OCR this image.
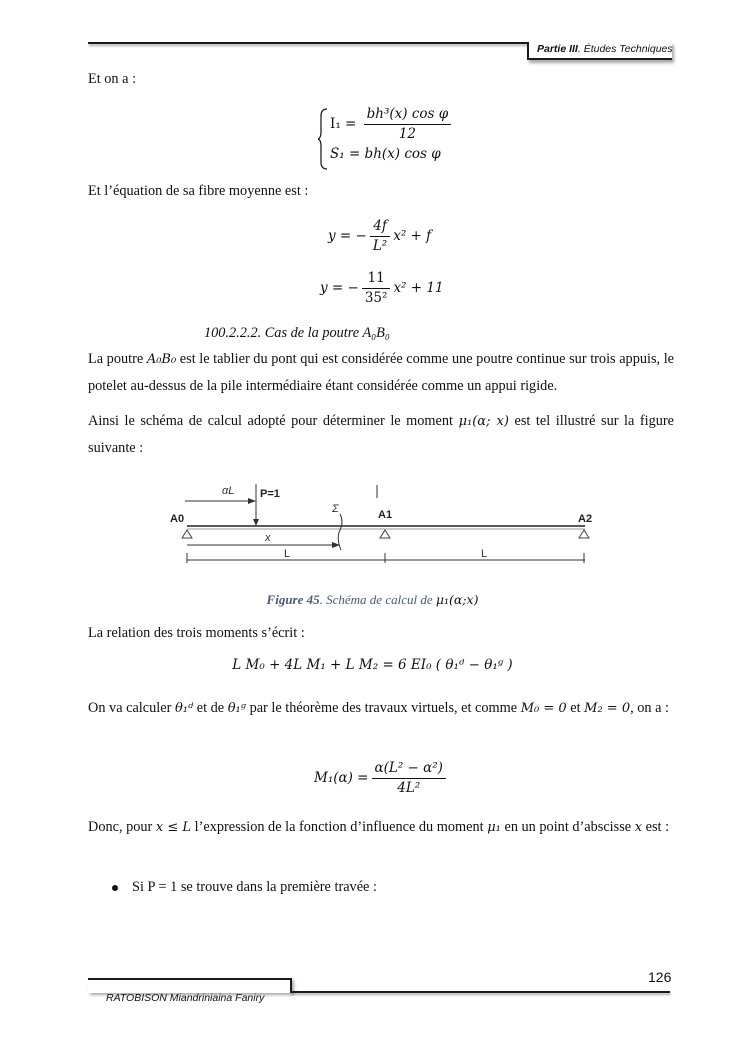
Partie III. Études Techniques
Et on a :
$I_1 = \frac{\text{bh³(x) cos φ}}{12}$
S₁ = bh(x) cos φ
Et l’équation de sa fibre moyenne est :
y = − $\frac{4f}{\text{L²}} x^2 + f$
y = − $\frac{11}{\text{35²}} x^2 + 11$
100.2.2.2. Cas de la poutre A₀B₀
La poutre A₀B₀ est le tablier du pont qui est considérée comme une poutre continue sur trois appuis, le potelet au-dessus de la pile intermédiaire étant considérée comme un appui rigide.
Ainsi le schéma de calcul adopté pour déterminer le moment μ₁(α; x) est tel illustré sur la figure suivante :
A0	A1	A2
αL P=1
x
Σ
L	L
Figure 45. Schéma de calcul de μ₁(α;x)
La relation des trois moments s’écrit :
L M₀ + 4L M₁ + L M₂ = 6 EI₀ ( θ₁ᵈ − θ₁ᵍ )
On va calculer θ₁ᵈ et de θ₁ᵍ par le théorème des travaux virtuels, et comme M₀ = 0 et M₂ = 0, on a :
$M_1(\alpha) = \frac{\text{α(L² − α²)}}{\text{4L²}}$
Donc, pour x ≤ L l’expression de la fonction d’influence du moment μ₁ en un point d’abscisse x est :
Si P = 1 se trouve dans la première travée :
126
RATOBISON Miandriniaina Faniry
